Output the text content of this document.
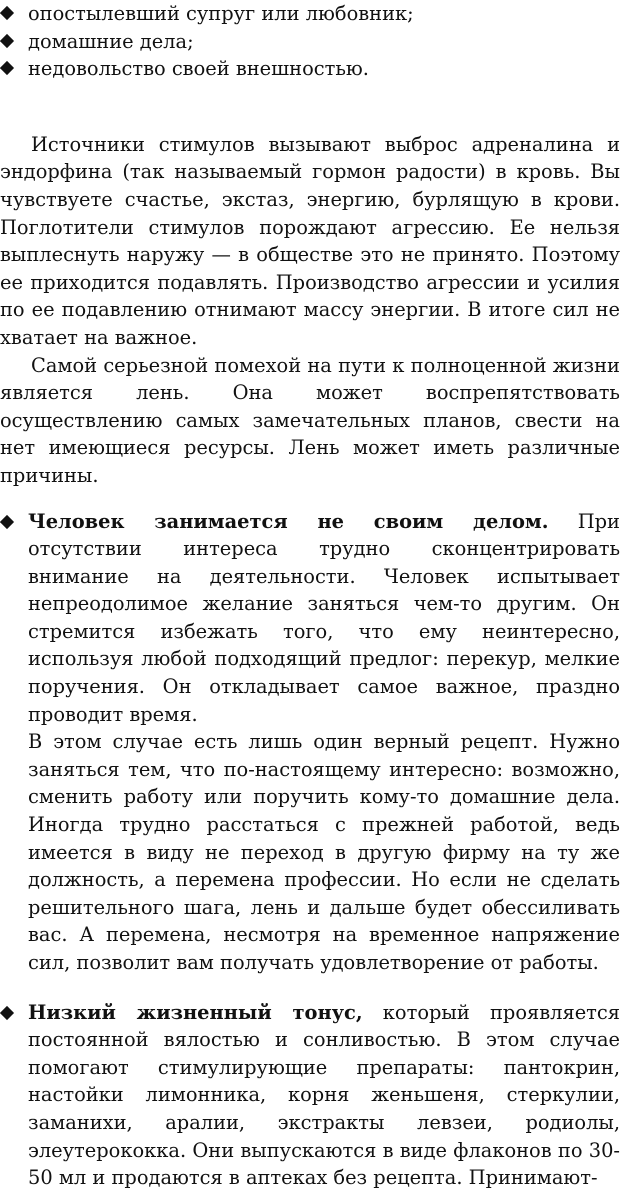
опостылевший супруг или любовник;
домашние дела;
недовольство своей внешностью.

Источники стимулов вызывают выброс адреналина и эндорфина (так называемый гормон радости) в кровь. Вы чувствуете счастье, экстаз, энергию, бурлящую в крови. Поглотители стимулов порождают агрессию. Ее нельзя выплеснуть наружу — в обществе это не принято. Поэтому ее приходится подавлять. Производство агрессии и усилия по ее подавлению отнимают массу энергии. В итоге сил не хватает на важное.

Самой серьезной помехой на пути к полноценной жизни является лень. Она может воспрепятствовать осуществлению самых замечательных планов, свести на нет имеющиеся ресурсы. Лень может иметь различные причины.

Человек занимается не своим делом. При отсутствии интереса трудно сконцентрировать внимание на деятельности. Человек испытывает непреодолимое желание заняться чем-то другим. Он стремится избежать того, что ему неинтересно, используя любой подходящий предлог: перекур, мелкие поручения. Он откладывает самое важное, праздно проводит время.

В этом случае есть лишь один верный рецепт. Нужно заняться тем, что по-настоящему интересно: возможно, сменить работу или поручить кому-то домашние дела. Иногда трудно расстаться с прежней работой, ведь имеется в виду не переход в другую фирму на ту же должность, а перемена профессии. Но если не сделать решительного шага, лень и дальше будет обессиливать вас. А перемена, несмотря на временное напряжение сил, позволит вам получать удовлетворение от работы.

Низкий жизненный тонус, который проявляется постоянной вялостью и сонливостью. В этом случае помогают стимулирующие препараты: пантокрин, настойки лимонника, корня женьшеня, стеркулии, заманихи, аралии, экстракты левзеи, родиолы, элеутерококка. Они выпускаются в виде флаконов по 30-50 мл и продаются в аптеках без рецепта. Принимают-
